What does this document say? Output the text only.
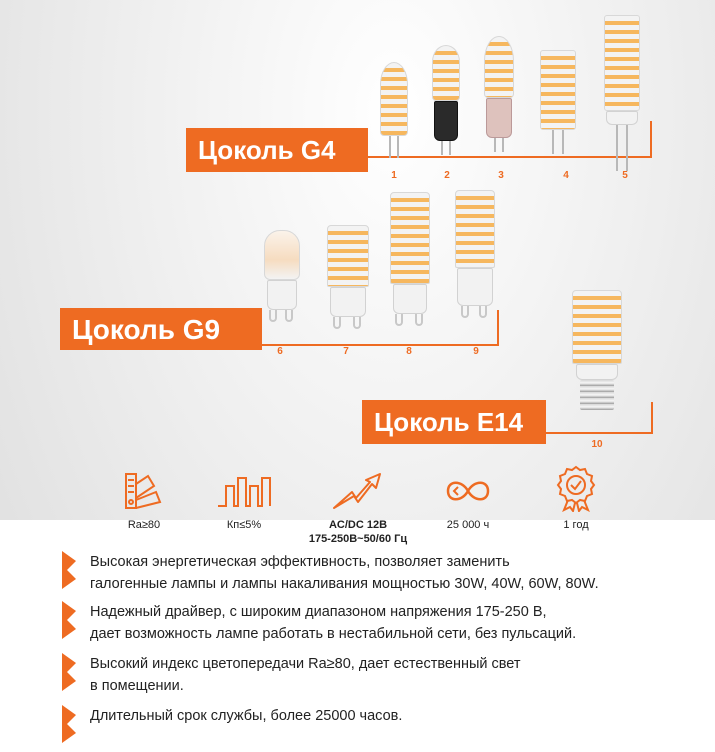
Цоколь G4
1	2	3	4	5
Цоколь G9
6	7	8	9
Цоколь E14
10
Ra≥80	Кп≤5%	AC/DC 12В
175-250В~50/60 Гц
25 000 ч	1 год
Высокая энергетическая эффективность, позволяет заменить
галогенные лампы и лампы накаливания мощностью 30W, 40W, 60W, 80W.
Надежный драйвер, с широким диапазоном напряжения 175-250 В,
дает возможность лампе работать в нестабильной сети, без пульсаций.
Высокий индекс цветопередачи Ra≥80, дает естественный свет
в помещении.
Длительный срок службы, более 25000 часов.
